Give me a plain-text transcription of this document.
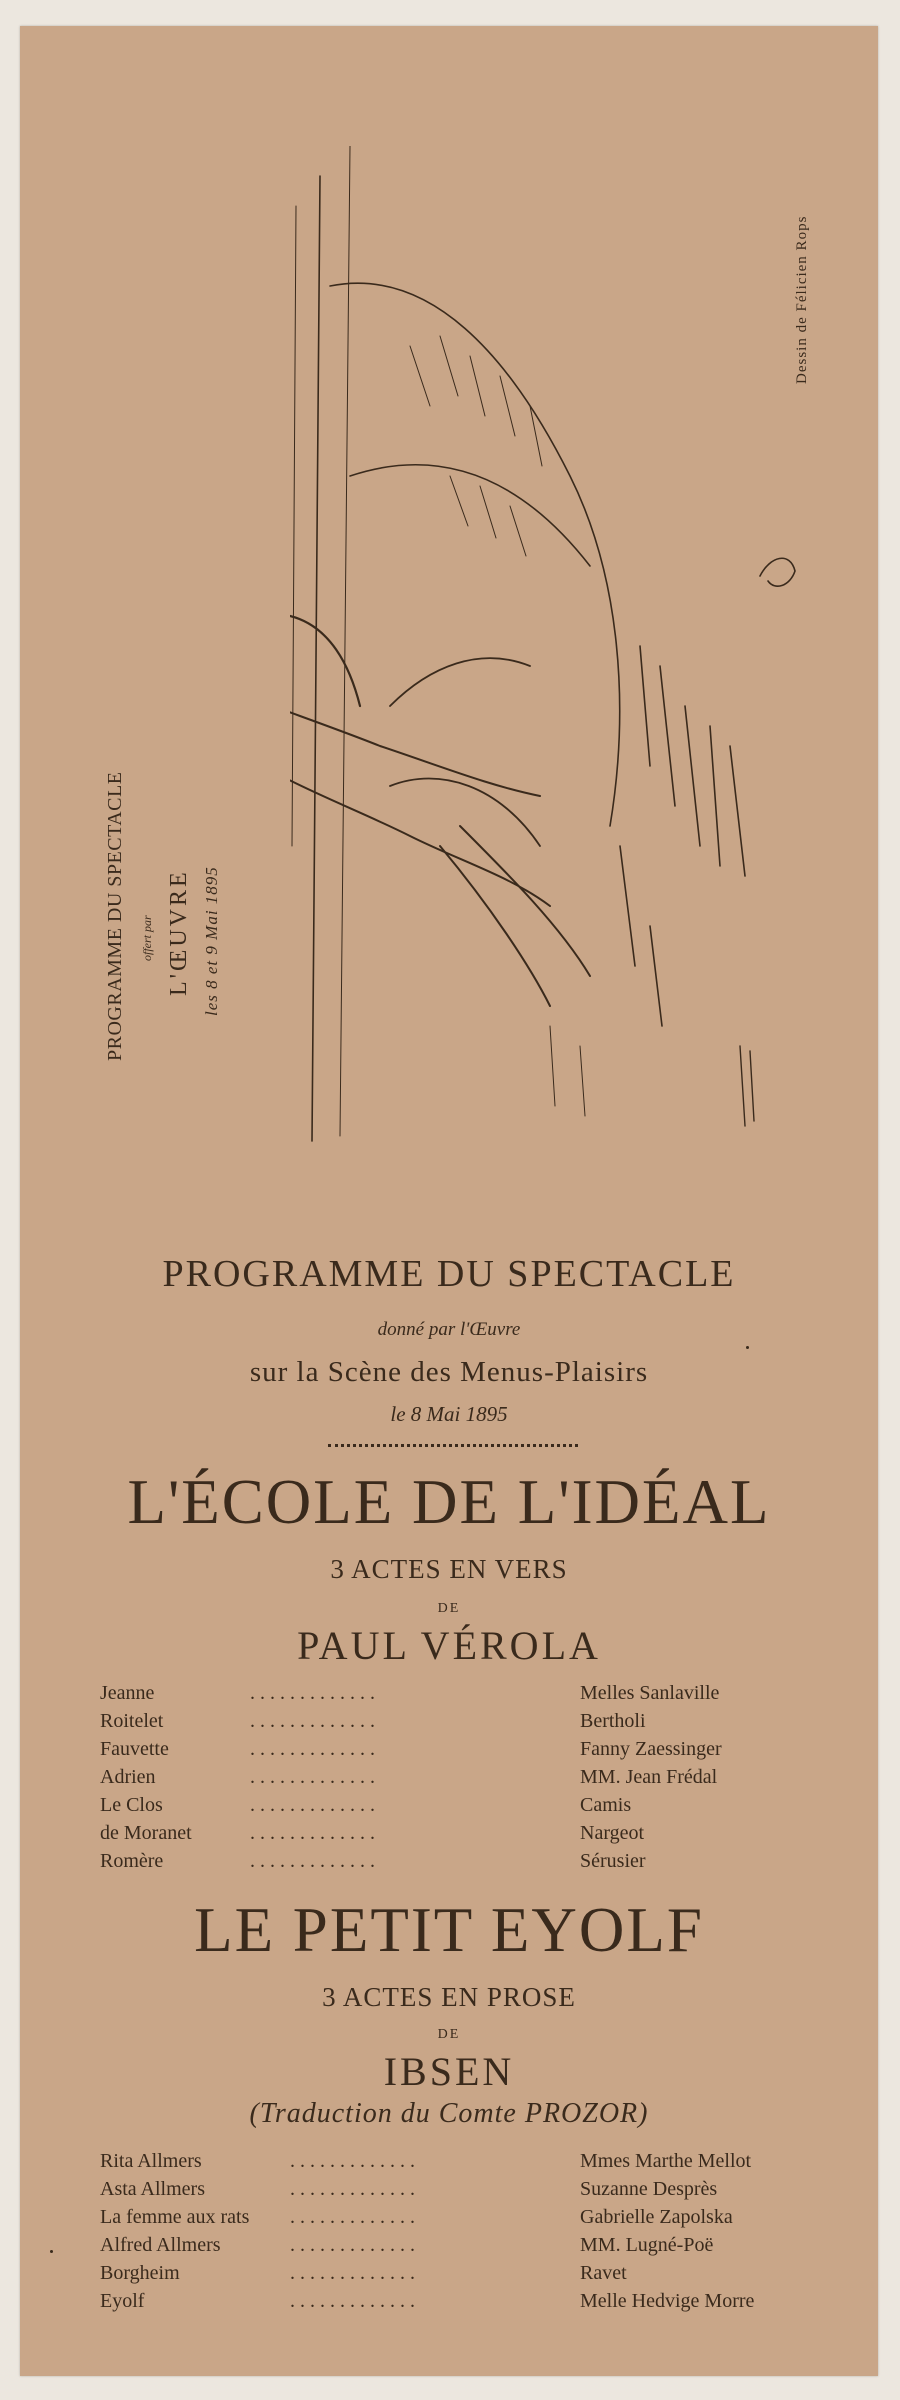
PROGRAMME DU SPECTACLE offert par L'ŒUVRE les 8 et 9 Mai 1895
Dessin de Félicien Rops
PROGRAMME DU SPECTACLE
donné par l'Œuvre
sur la Scène des Menus-Plaisirs
le 8 Mai 1895
L'ÉCOLE DE L'IDÉAL
3 ACTES EN VERS
DE
PAUL VÉROLA
Jeanne	. . . . . . . . . . . . .	Melles Sanlaville
Roitelet	. . . . . . . . . . . . .	Bertholi
Fauvette	. . . . . . . . . . . . .	Fanny Zaessinger
Adrien	. . . . . . . . . . . . .	MM. Jean Frédal
Le Clos	. . . . . . . . . . . . .	Camis
de Moranet	. . . . . . . . . . . . .	Nargeot
Romère	. . . . . . . . . . . . .	Sérusier
LE PETIT EYOLF
3 ACTES EN PROSE
DE
IBSEN
(Traduction du Comte PROZOR)
Rita Allmers	. . . . . . . . . . . . .	Mmes Marthe Mellot
Asta Allmers	. . . . . . . . . . . . .	Suzanne Desprès
La femme aux rats . . . . . . . . . . . . .	Gabrielle Zapolska
Alfred Allmers	. . . . . . . . . . . . .	MM. Lugné-Poë
Borgheim	. . . . . . . . . . . . .	Ravet
Eyolf	. . . . . . . . . . . . .	Melle Hedvige Morre
